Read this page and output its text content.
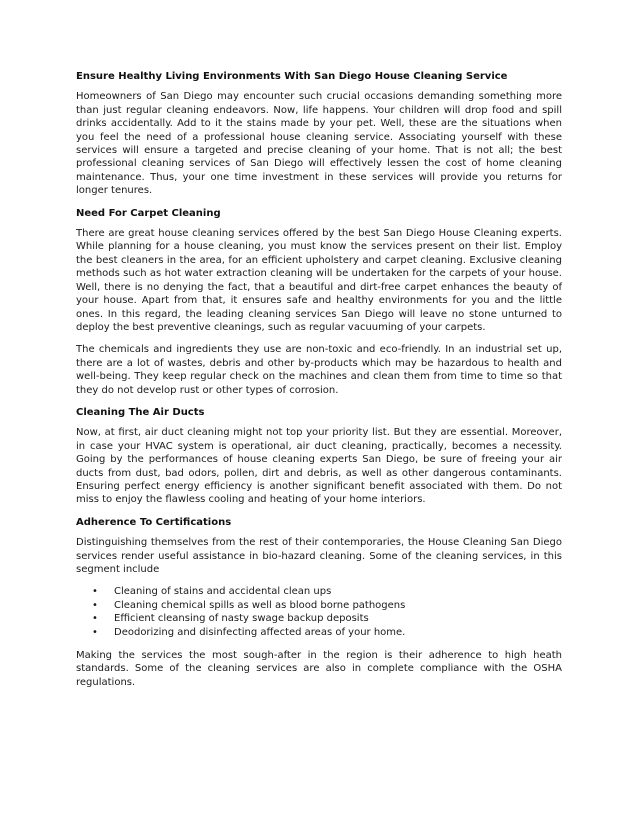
Ensure Healthy Living Environments With San Diego House Cleaning Service

Homeowners of San Diego may encounter such crucial occasions demanding something more than just regular cleaning endeavors. Now, life happens. Your children will drop food and spill drinks accidentally. Add to it the stains made by your pet. Well, these are the situations when you feel the need of a professional house cleaning service. Associating yourself with these services will ensure a targeted and precise cleaning of your home. That is not all; the best professional cleaning services of San Diego will effectively lessen the cost of home cleaning maintenance. Thus, your one time investment in these services will provide you returns for longer tenures.

Need For Carpet Cleaning

There are great house cleaning services offered by the best San Diego House Cleaning experts. While planning for a house cleaning, you must know the services present on their list. Employ the best cleaners in the area, for an efficient upholstery and carpet cleaning. Exclusive cleaning methods such as hot water extraction cleaning will be undertaken for the carpets of your house. Well, there is no denying the fact, that a beautiful and dirt-free carpet enhances the beauty of your house. Apart from that, it ensures safe and healthy environments for you and the little ones. In this regard, the leading cleaning services San Diego will leave no stone unturned to deploy the best preventive cleanings, such as regular vacuuming of your carpets.

The chemicals and ingredients they use are non-toxic and eco-friendly. In an industrial set up, there are a lot of wastes, debris and other by-products which may be hazardous to health and well-being. They keep regular check on the machines and clean them from time to time so that they do not develop rust or other types of corrosion.

Cleaning The Air Ducts

Now, at first, air duct cleaning might not top your priority list. But they are essential. Moreover, in case your HVAC system is operational, air duct cleaning, practically, becomes a necessity. Going by the performances of house cleaning experts San Diego, be sure of freeing your air ducts from dust, bad odors, pollen, dirt and debris, as well as other dangerous contaminants. Ensuring perfect energy efficiency is another significant benefit associated with them. Do not miss to enjoy the flawless cooling and heating of your home interiors.

Adherence To Certifications

Distinguishing themselves from the rest of their contemporaries, the House Cleaning San Diego services render useful assistance in bio-hazard cleaning. Some of the cleaning services, in this segment include

• Cleaning of stains and accidental clean ups
• Cleaning chemical spills as well as blood borne pathogens
• Efficient cleansing of nasty swage backup deposits
• Deodorizing and disinfecting affected areas of your home.

Making the services the most sough-after in the region is their adherence to high heath standards. Some of the cleaning services are also in complete compliance with the OSHA regulations.
